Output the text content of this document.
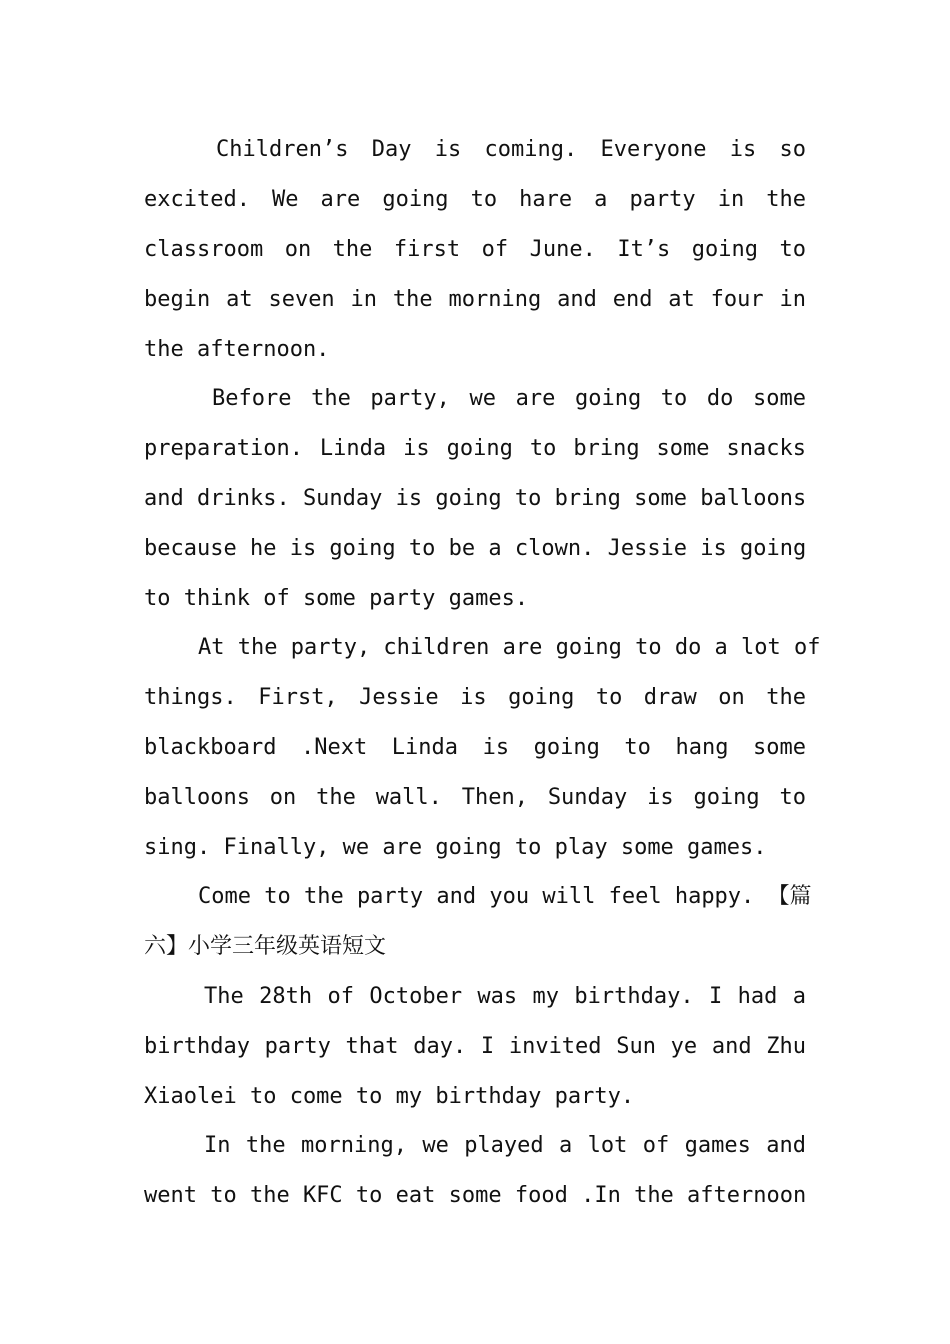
Children’s Day is coming. Everyone is so
excited. We are going to hare a party in the
classroom on the first of June. It’s going to
begin at seven in the morning and end at four in
the afternoon.
Before the party, we are going to do some
preparation. Linda is going to bring some snacks
and drinks. Sunday is going to bring some balloons
because he is going to be a clown. Jessie is going
to think of some party games.
At the party, children are going to do a lot of
things. First, Jessie is going to draw on the
blackboard .Next Linda is going to hang some
balloons on the wall. Then, Sunday is going to
sing. Finally, we are going to play some games.
Come to the party and you will feel happy. 【篇
六】小学三年级英语短文
The 28th of October was my birthday. I had a
birthday party that day. I invited Sun ye and Zhu
Xiaolei to come to my birthday party.
In the morning, we played a lot of games and
went to the KFC to eat some food .In the afternoon
